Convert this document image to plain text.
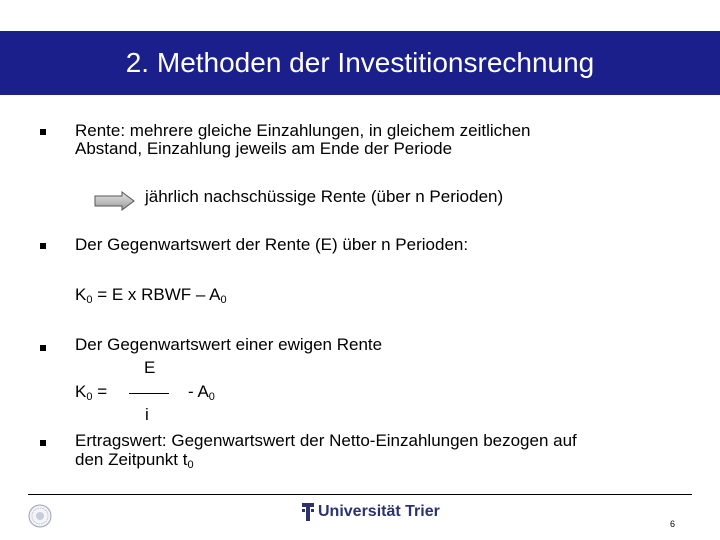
2. Methoden der Investitionsrechnung
Rente: mehrere gleiche Einzahlungen, in gleichem zeitlichen
Abstand, Einzahlung jeweils am Ende der Periode
jährlich nachschüssige Rente (über n Perioden)
Der Gegenwartswert der Rente (E) über n Perioden:
$K_0 = E$ x RBWF – $A_0$
Der Gegenwartswert einer ewigen Rente
E
$K_0$ =	- $A_0$
i
Ertragswert: Gegenwartswert der Netto-Einzahlungen bezogen auf
den Zeitpunkt $t_0$
Universität Trier
6
